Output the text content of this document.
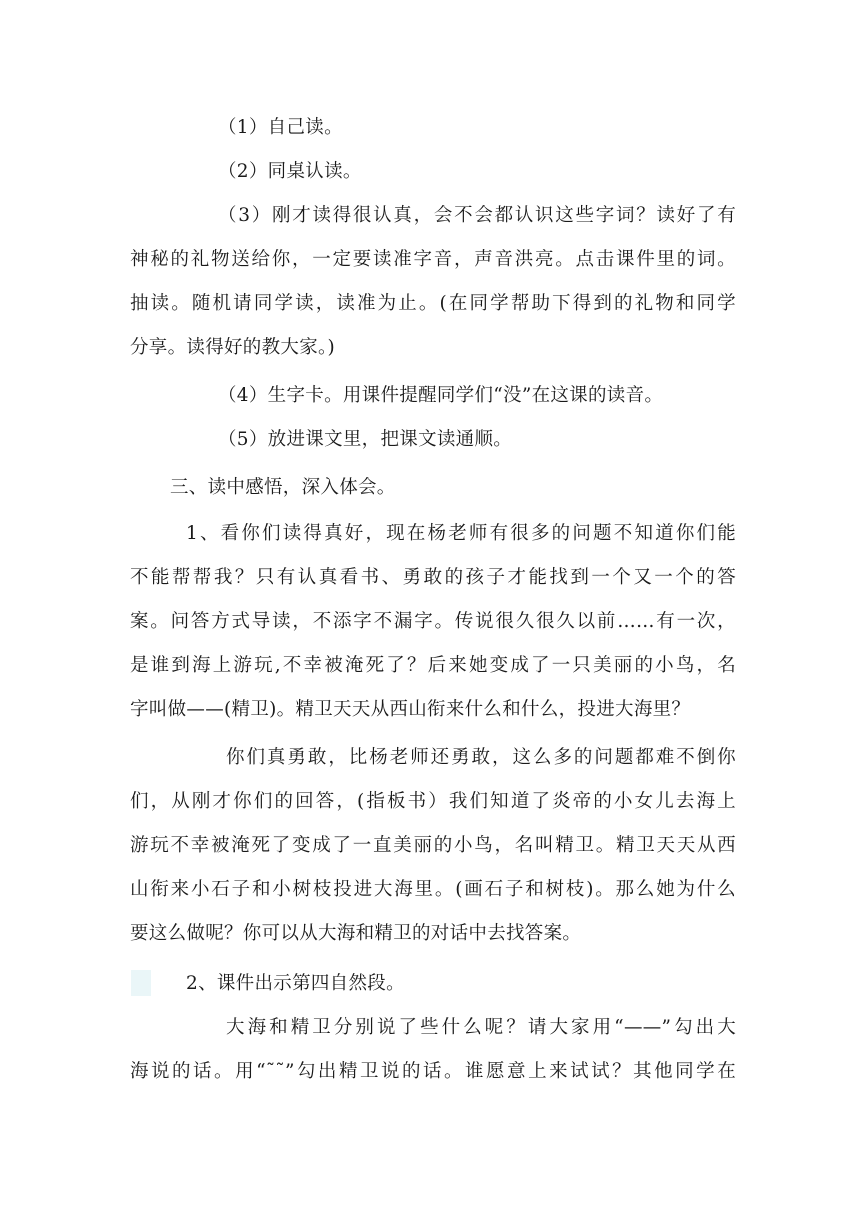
（1）自己读。
（2）同桌认读。
（3）刚才读得很认真，会不会都认识这些字词？读好了有
神秘的礼物送给你，一定要读准字音，声音洪亮。点击课件里的词。
抽读。随机请同学读，读准为止。(在同学帮助下得到的礼物和同学
分享。读得好的教大家。)
（4）生字卡。用课件提醒同学们“没”在这课的读音。
（5）放进课文里，把课文读通顺。
三、读中感悟，深入体会。
1、看你们读得真好，现在杨老师有很多的问题不知道你们能
不能帮帮我？只有认真看书、勇敢的孩子才能找到一个又一个的答
案。问答方式导读，不添字不漏字。传说很久很久以前……有一次，
是谁到海上游玩,不幸被淹死了？后来她变成了一只美丽的小鸟，名
字叫做——(精卫)。精卫天天从西山衔来什么和什么，投进大海里？
你们真勇敢，比杨老师还勇敢，这么多的问题都难不倒你
们，从刚才你们的回答，(指板书）我们知道了炎帝的小女儿去海上
游玩不幸被淹死了变成了一直美丽的小鸟，名叫精卫。精卫天天从西
山衔来小石子和小树枝投进大海里。(画石子和树枝)。那么她为什么
要这么做呢？你可以从大海和精卫的对话中去找答案。
2、课件出示第四自然段。
大海和精卫分别说了些什么呢？请大家用“——”勾出大
海说的话。用“˜˜”勾出精卫说的话。谁愿意上来试试？其他同学在
